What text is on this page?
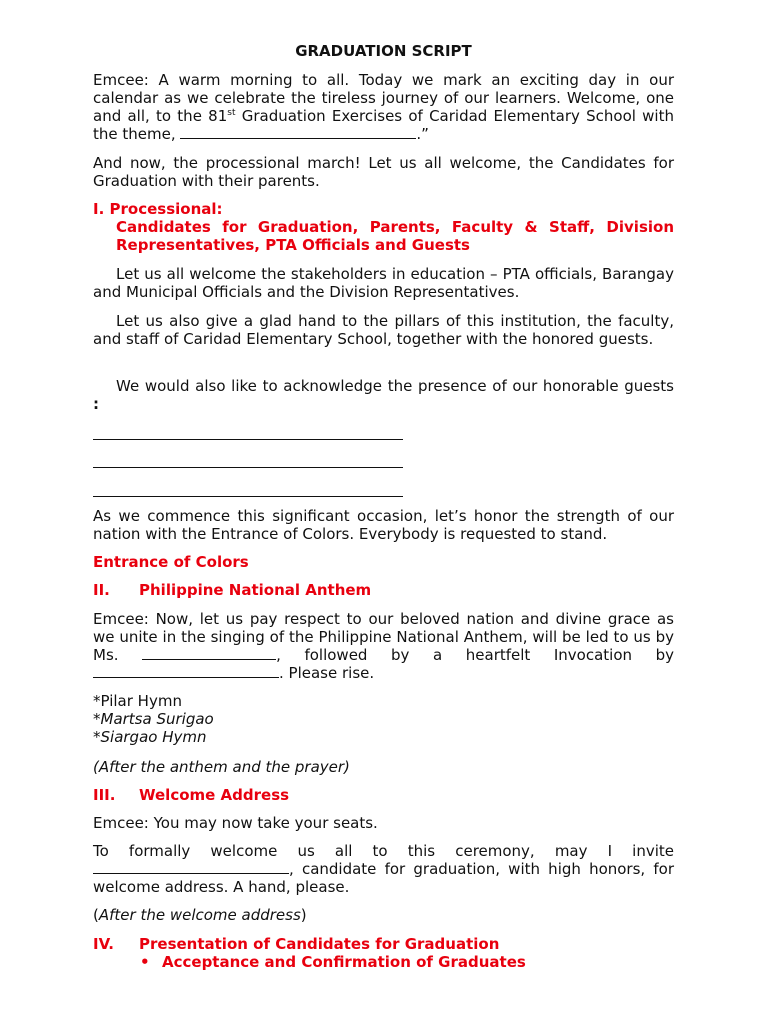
GRADUATION SCRIPT

Emcee: A warm morning to all. Today we mark an exciting day in our calendar as we celebrate the tireless journey of our learners. Welcome, one and all, to the 81st Graduation Exercises of Caridad Elementary School with the theme,	.”

And now, the processional march! Let us all welcome, the Candidates for Graduation with their parents.

I. Processional:

Candidates for Graduation, Parents, Faculty & Staff, Division Representatives, PTA Officials and Guests

Let us all welcome the stakeholders in education – PTA officials, Barangay and Municipal Officials and the Division Representatives.

Let us also give a glad hand to the pillars of this institution, the faculty, and staff of Caridad Elementary School, together with the honored guests.

We would also like to acknowledge the presence of our honorable guests :

As we commence this significant occasion, let’s honor the strength of our nation with the Entrance of Colors. Everybody is requested to stand.

Entrance of Colors

II. Philippine National Anthem

Emcee: Now, let us pay respect to our beloved nation and divine grace as we unite in the singing of the Philippine National Anthem, will be led to us by Ms.	, followed by a heartfelt Invocation by . Please rise.

*Pilar Hymn
*Martsa Surigao
*Siargao Hymn

(After the anthem and the prayer)

III. Welcome Address

Emcee: You may now take your seats.

To formally welcome us all to this ceremony, may I invite , candidate for graduation, with high honors, for welcome address. A hand, please.

(After the welcome address)

IV. Presentation of Candidates for Graduation

• Acceptance and Confirmation of Graduates
